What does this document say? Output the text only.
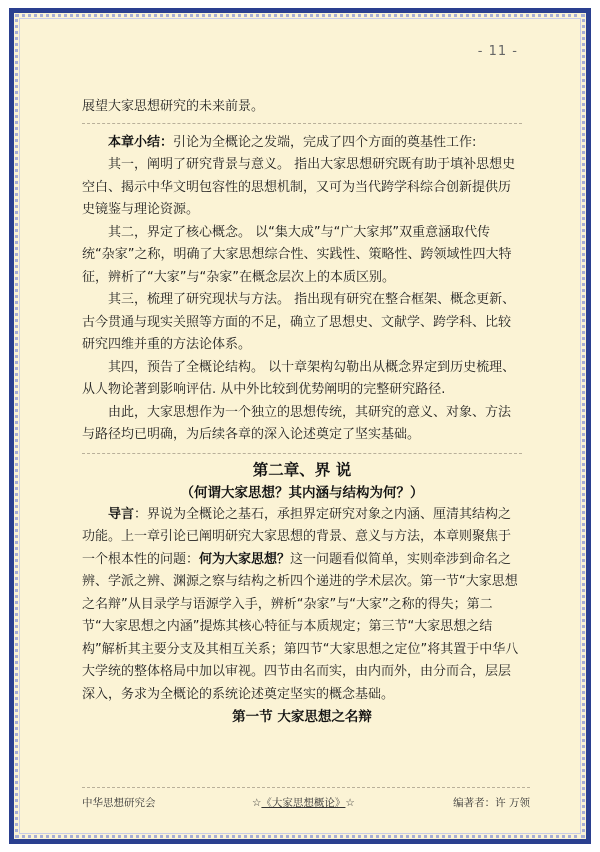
- 11 -

展望大家思想研究的未来前景。

本章小结：引论为全概论之发端，完成了四个方面的奠基性工作:

其一，阐明了研究背景与意义。 指出大家思想研究既有助于填补思想史空白、揭示中华文明包容性的思想机制，又可为当代跨学科综合创新提供历史镜鉴与理论资源。

其二，界定了核心概念。 以“集大成”与“广大家邦”双重意涵取代传统“杂家”之称，明确了大家思想综合性、实践性、策略性、跨领域性四大特征，辨析了“大家”与“杂家”在概念层次上的本质区别。

其三，梳理了研究现状与方法。 指出现有研究在整合框架、概念更新、古今贯通与现实关照等方面的不足，确立了思想史、文献学、跨学科、比较研究四维并重的方法论体系。

其四，预告了全概论结构。 以十章架构勾勒出从概念界定到历史梳理、从人物论著到影响评估. 从中外比较到优势阐明的完整研究路径.

由此，大家思想作为一个独立的思想传统，其研究的意义、对象、方法与路径均已明确，为后续各章的深入论述奠定了坚实基础。

第二章、界 说

（何谓大家思想？其内涵与结构为何？）

导言：界说为全概论之基石，承担界定研究对象之内涵、厘清其结构之功能。上一章引论已阐明研究大家思想的背景、意义与方法，本章则聚焦于一个根本性的问题：何为大家思想？这一问题看似简单，实则牵涉到命名之辨、学派之辨、渊源之察与结构之析四个递进的学术层次。第一节“大家思想之名辩”从目录学与语源学入手，辨析“杂家”与“大家”之称的得失；第二节“大家思想之内涵”提炼其核心特征与本质规定；第三节“大家思想之结构”解析其主要分支及其相互关系；第四节“大家思想之定位”将其置于中华八大学统的整体格局中加以审视。四节由名而实，由内而外，由分而合，层层深入，务求为全概论的系统论述奠定坚实的概念基础。

第一节 大家思想之名辩

中华思想研究会	☆《大家思想概论》☆	编著者：许 万领
